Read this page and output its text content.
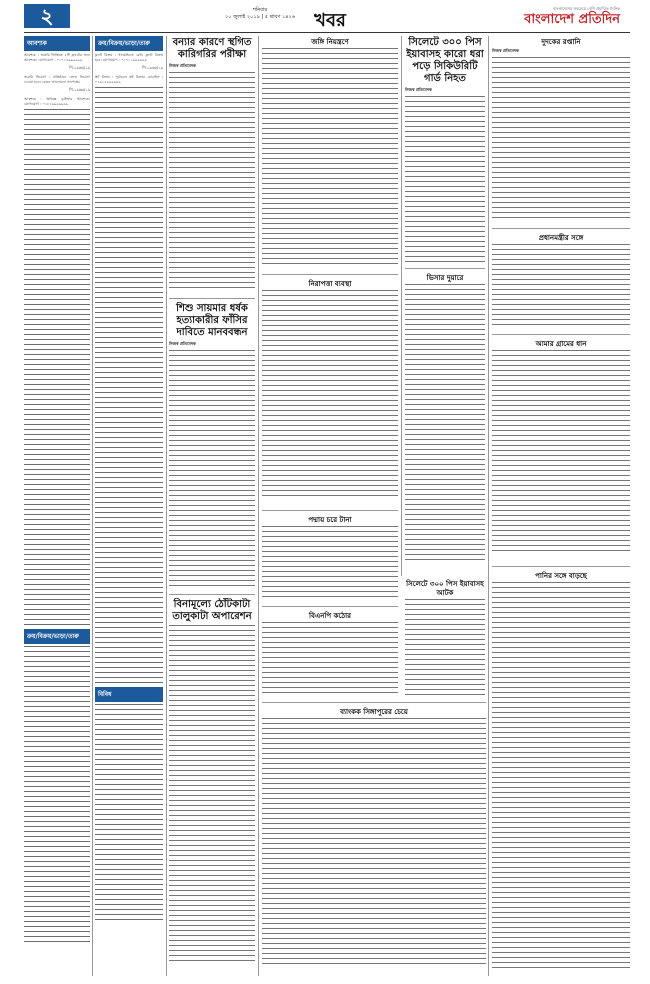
২	শনিবার
২০ জুলাই ২০১৯ | ৫ শ্রাবণ ১৪২৬	খবর
বাংলাদেশের সবচেয়ে বেশি প্রচারিত দৈনিক
বাংলাদেশ প্রতিদিন
আবশ্যক
আবশ্যক : জরুরি ভিত্তিতে ৫টি ফ্ল্যাটের জন্য আবশ্যক। যোগাযোগ : ০১৭১৫৯৯৯৯৯৯
পি-১৯৬৬/১৯
জরুরি নিয়োগ : প্রতিষ্ঠানে লোক নিয়োগ দেওয়া হবে। বেতন আলোচনা সাপেক্ষে।
পি-১৯৬৬/১৯
আবশ্যক : অভিজ্ঞ ড্রাইভার আবশ্যক। যোগাযোগ : ০১৮১৯৯৯৯৯৯৯
ক্রয়/বিক্রয়/ভাড়া/তারু
ক্রয়/বিক্রয়/ভাড়া/তারু
ফ্ল্যাট বিক্রয় : ধানমন্ডিতে রেডি ফ্ল্যাট বিক্রয় হবে। যোগাযোগ : ০১৭১১৯৯৯৯৯৯
পি-১৯৬৬/১৯
প্লট বিক্রয় : পূর্বাচলে প্লট বিক্রয়। মোবাইল : ০১৯১৫৯৯৯৯৯৯
বিবিধ
বন্যার কারণে স্থগিত কারিগরির পরীক্ষা
নিজস্ব প্রতিবেদক
শিশু সায়মার ধর্ষক হত্যাকারীর ফাঁসির দাবিতে মানববন্ধন
নিজস্ব প্রতিবেদক
বিনামূল্যে ঠোঁটকাটা তালুকাটা অপারেশন
জঙ্গি নিয়ন্ত্রণে
নিরাপত্তা ব্যবস্থা
পদ্মায় চরে টানা
বিএনপি কঠোর
সিলেটে ৩০০ পিস ইয়াবাসহ কারো ধরা পড়ে সিকিউরিটি গার্ড নিহত
নিজস্ব প্রতিবেদক
ভিসার দুয়ারে
ব্যাংকক সিঙ্গাপুরের চেয়ে
দুদকের রপ্তানি
নিজস্ব প্রতিবেদক
প্রধানমন্ত্রীর সঙ্গে
আমার গ্রামের ধান
পানির সঙ্গে বাড়ছে
সিলেটে ৩০০ পিস ইয়াবাসহ আটক
